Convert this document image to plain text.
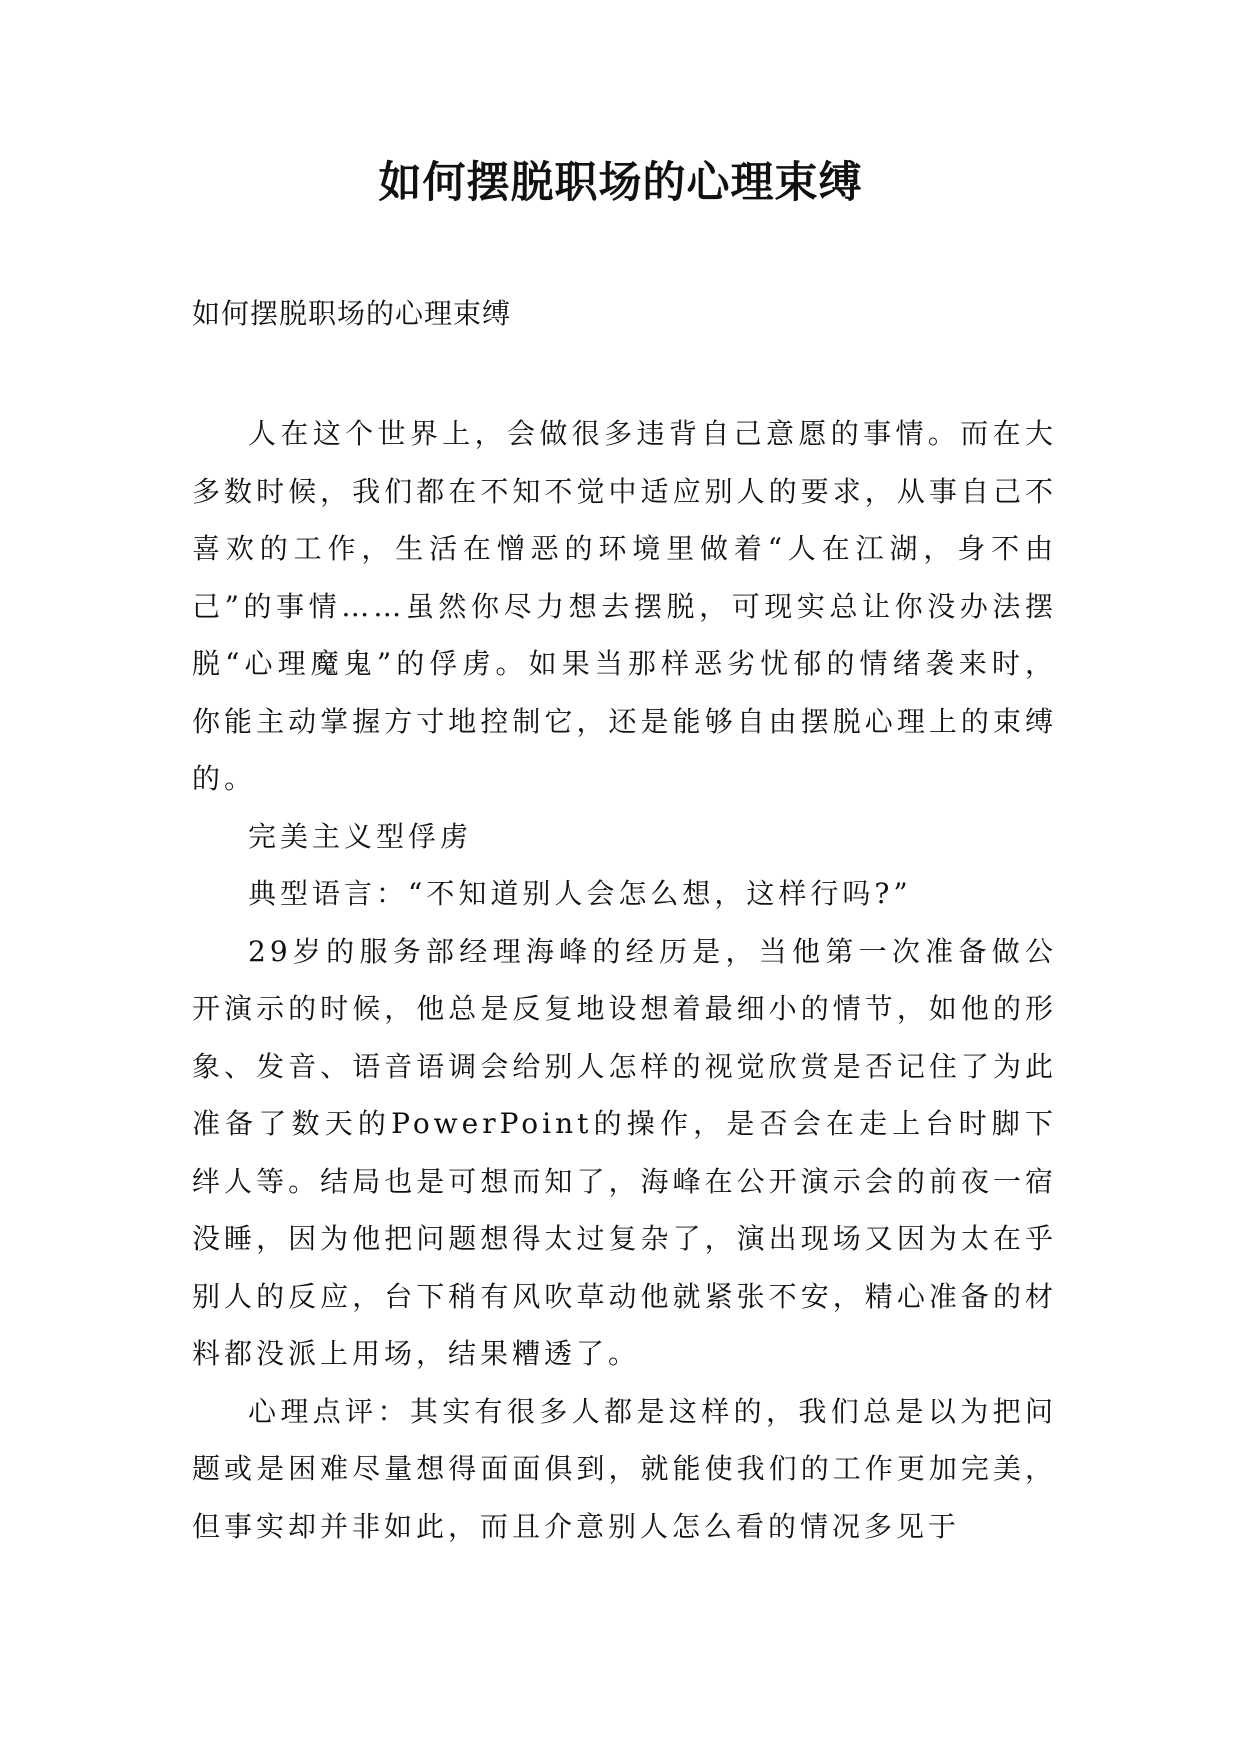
如何摆脱职场的心理束缚
如何摆脱职场的心理束缚

人在这个世界上，会做很多违背自己意愿的事情。而在大多数时候，我们都在不知不觉中适应别人的要求，从事自己不喜欢的工作，生活在憎恶的环境里做着“人在江湖，身不由己”的事情……虽然你尽力想去摆脱，可现实总让你没办法摆脱“心理魔鬼”的俘虏。如果当那样恶劣忧郁的情绪袭来时，你能主动掌握方寸地控制它，还是能够自由摆脱心理上的束缚的。

完美主义型俘虏

典型语言：“不知道别人会怎么想，这样行吗?”

29岁的服务部经理海峰的经历是，当他第一次准备做公开演示的时候，他总是反复地设想着最细小的情节，如他的形象、发音、语音语调会给别人怎样的视觉欣赏是否记住了为此准备了数天的PowerPoint的操作，是否会在走上台时脚下绊人等。结局也是可想而知了，海峰在公开演示会的前夜一宿没睡，因为他把问题想得太过复杂了，演出现场又因为太在乎别人的反应，台下稍有风吹草动他就紧张不安，精心准备的材料都没派上用场，结果糟透了。

心理点评：其实有很多人都是这样的，我们总是以为把问题或是困难尽量想得面面俱到，就能使我们的工作更加完美，但事实却并非如此，而且介意别人怎么看的情况多见于
